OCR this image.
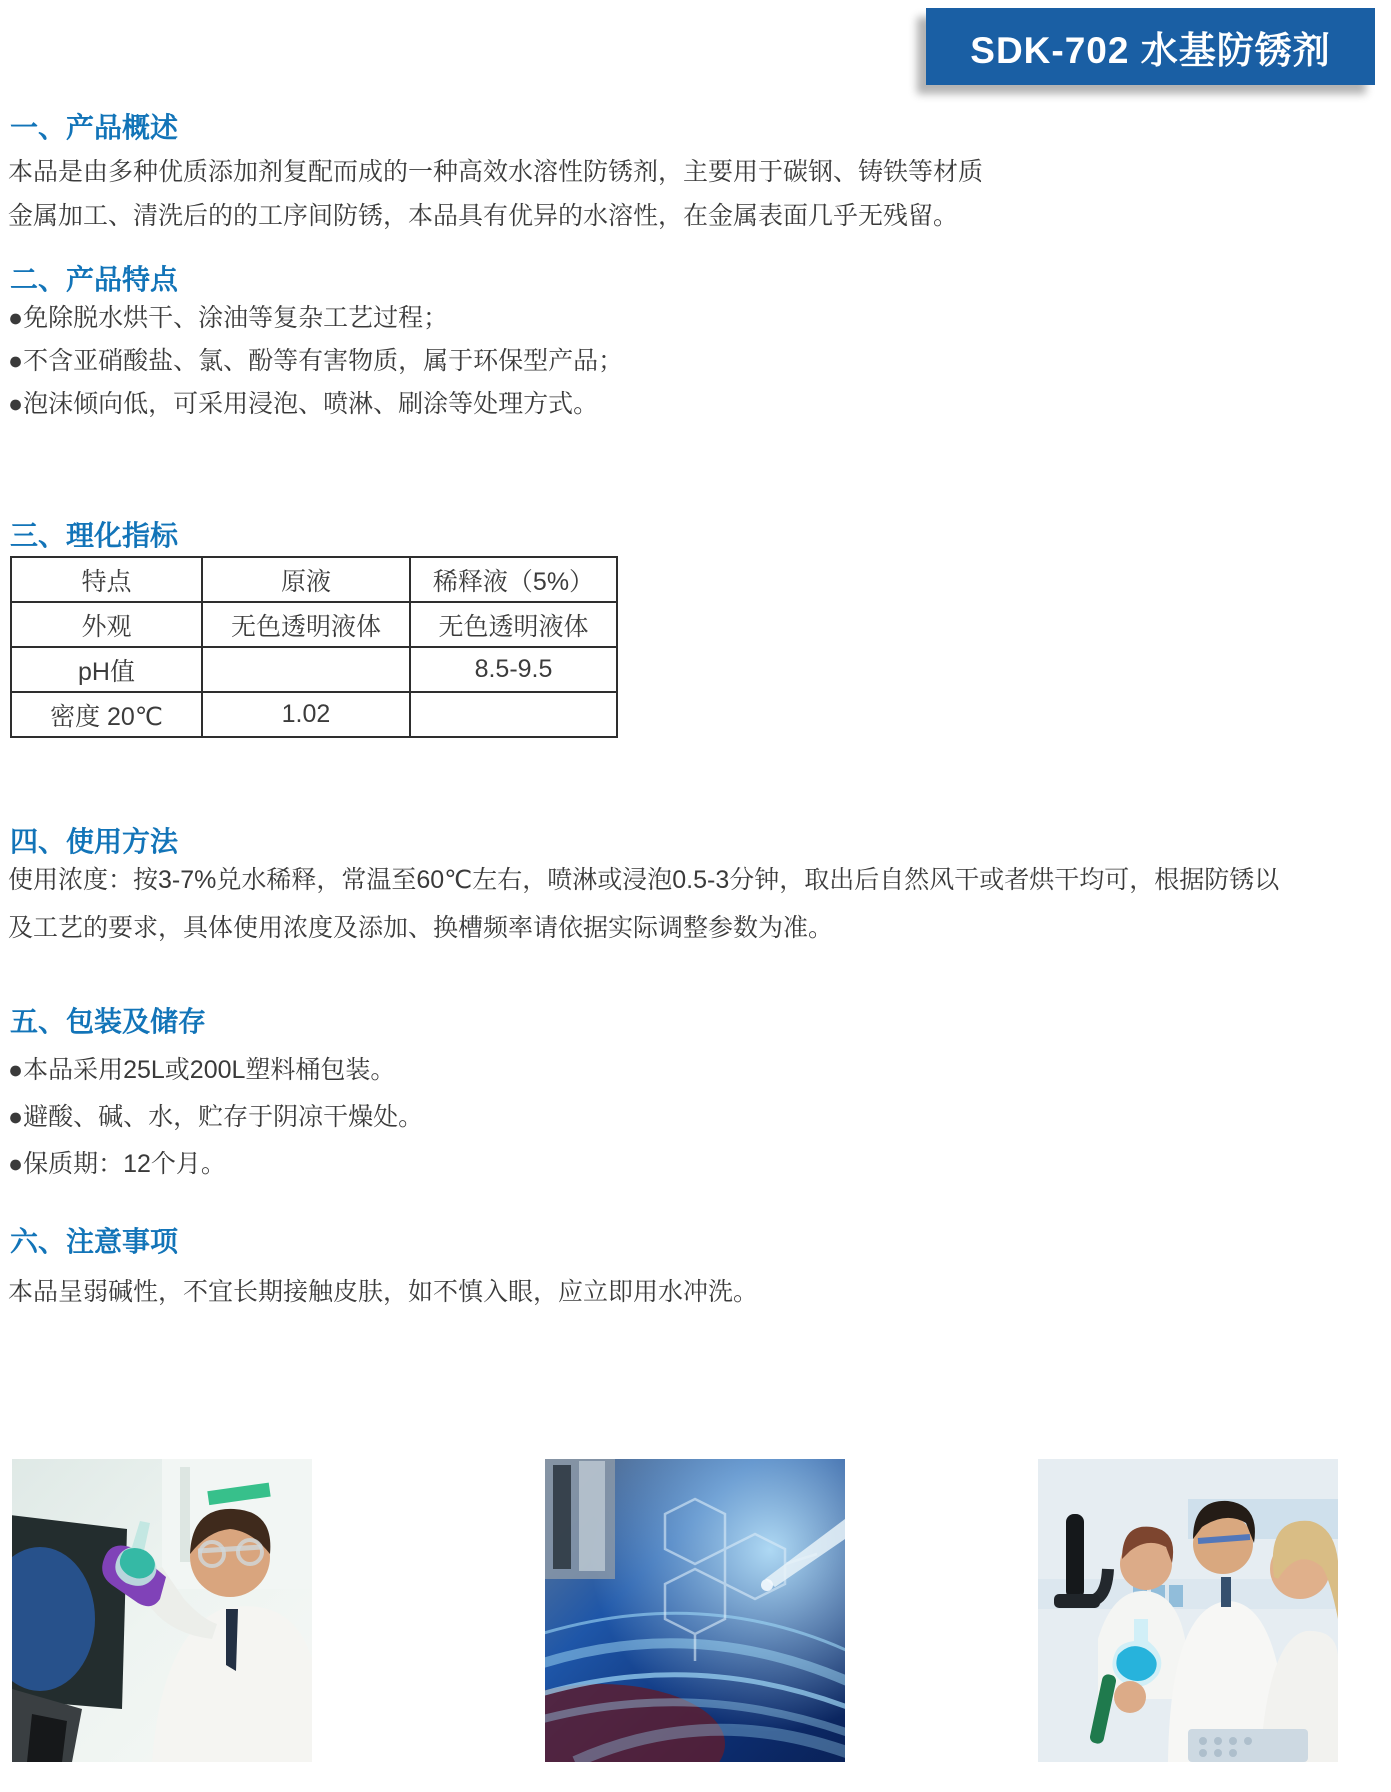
SDK-702 水基防锈剂
一、产品概述
本品是由多种优质添加剂复配而成的一种高效水溶性防锈剂，主要用于碳钢、铸铁等材质
金属加工、清洗后的的工序间防锈，本品具有优异的水溶性，在金属表面几乎无残留。
二、产品特点
●免除脱水烘干、涂油等复杂工艺过程；
●不含亚硝酸盐、氯、酚等有害物质，属于环保型产品；
●泡沫倾向低，可采用浸泡、喷淋、刷涂等处理方式。
三、理化指标
特点	原液	稀释液（5%）
外观	无色透明液体	无色透明液体
pH值		8.5-9.5
密度 20℃	1.02	
四、使用方法
使用浓度：按3-7%兑水稀释，常温至60℃左右，喷淋或浸泡0.5-3分钟，取出后自然风干或者烘干均可，根据防锈以
及工艺的要求，具体使用浓度及添加、换槽频率请依据实际调整参数为准。
五、包装及储存
●本品采用25L或200L塑料桶包装。
●避酸、碱、水，贮存于阴凉干燥处。
●保质期：12个月。
六、注意事项
本品呈弱碱性，不宜长期接触皮肤，如不慎入眼，应立即用水冲洗。
